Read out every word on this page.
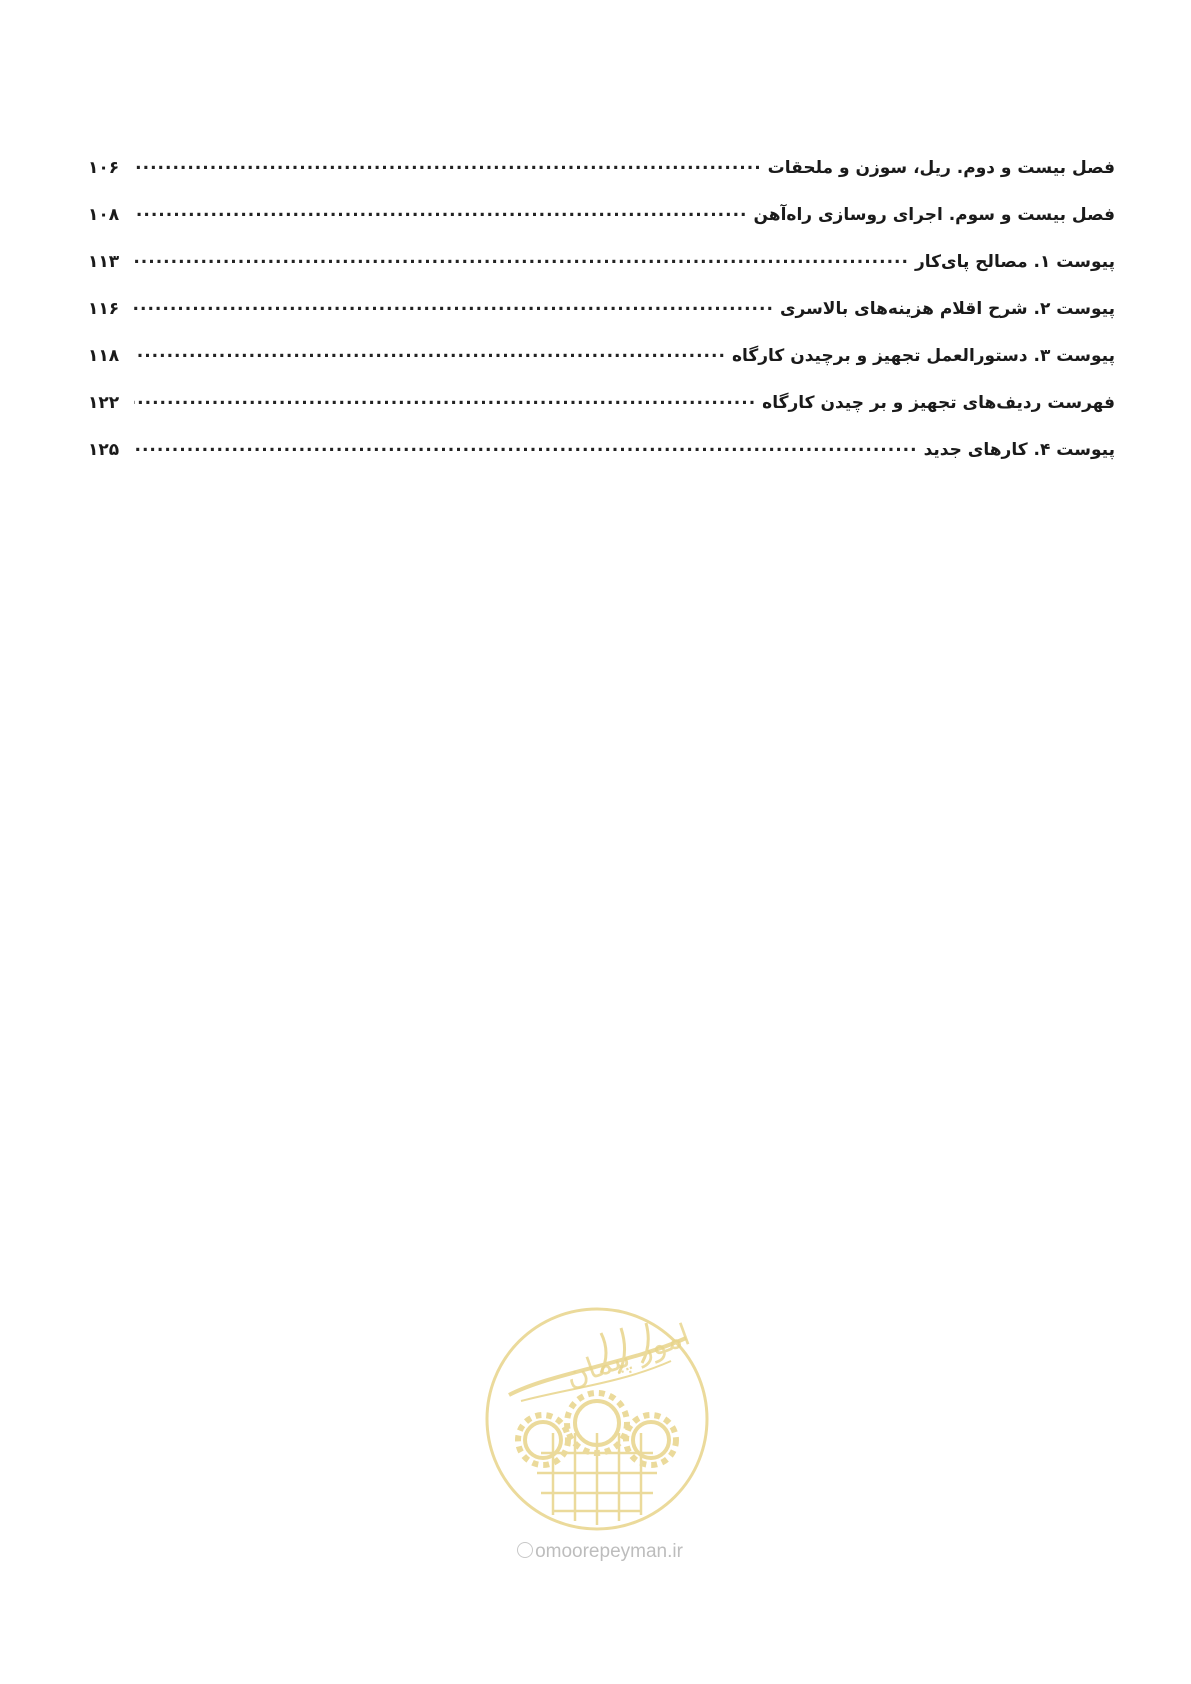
فصل بیست و دوم. ریل، سوزن و ملحقات
.....
۱۰۶
فصل بیست و سوم. اجرای روسازی راه‌آهن
.....
۱۰۸
پیوست ۱. مصالح پای‌کار
.....
۱۱۳
پیوست ۲. شرح اقلام هزینه‌های بالاسری
.....
۱۱۶
پیوست ۳. دستورالعمل تجهیز و برچیدن کارگاه
.....
۱۱۸
فهرست ردیف‌های تجهیز و بر چیدن کارگاه
.....
۱۲۲
پیوست ۴. کارهای جدید
.....
۱۲۵
امور پیمان
omoorepeyman.ir
